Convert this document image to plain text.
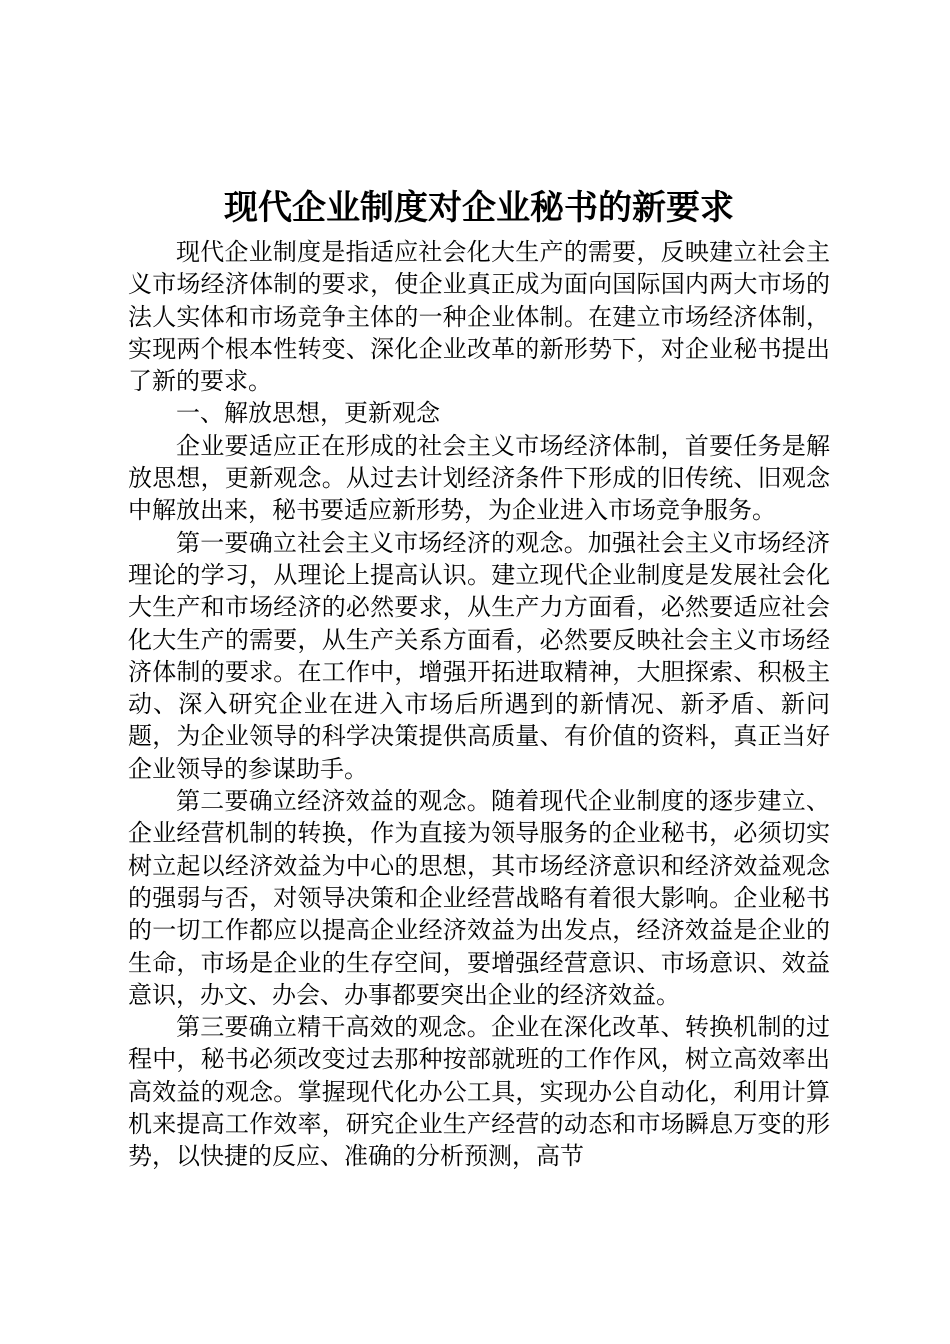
现代企业制度对企业秘书的新要求

现代企业制度是指适应社会化大生产的需要，反映建立社会主义市场经济体制的要求，使企业真正成为面向国际国内两大市场的法人实体和市场竞争主体的一种企业体制。在建立市场经济体制，实现两个根本性转变、深化企业改革的新形势下，对企业秘书提出了新的要求。

一、解放思想，更新观念

企业要适应正在形成的社会主义市场经济体制，首要任务是解放思想，更新观念。从过去计划经济条件下形成的旧传统、旧观念中解放出来，秘书要适应新形势，为企业进入市场竞争服务。

第一要确立社会主义市场经济的观念。加强社会主义市场经济理论的学习，从理论上提高认识。建立现代企业制度是发展社会化大生产和市场经济的必然要求，从生产力方面看，必然要适应社会化大生产的需要，从生产关系方面看，必然要反映社会主义市场经济体制的要求。在工作中，增强开拓进取精神，大胆探索、积极主动、深入研究企业在进入市场后所遇到的新情况、新矛盾、新问题，为企业领导的科学决策提供高质量、有价值的资料，真正当好企业领导的参谋助手。

第二要确立经济效益的观念。随着现代企业制度的逐步建立、企业经营机制的转换，作为直接为领导服务的企业秘书，必须切实树立起以经济效益为中心的思想，其市场经济意识和经济效益观念的强弱与否，对领导决策和企业经营战略有着很大影响。企业秘书的一切工作都应以提高企业经济效益为出发点，经济效益是企业的生命，市场是企业的生存空间，要增强经营意识、市场意识、效益意识，办文、办会、办事都要突出企业的经济效益。

第三要确立精干高效的观念。企业在深化改革、转换机制的过程中，秘书必须改变过去那种按部就班的工作作风，树立高效率出高效益的观念。掌握现代化办公工具，实现办公自动化，利用计算机来提高工作效率，研究企业生产经营的动态和市场瞬息万变的形势，以快捷的反应、准确的分析预测，高节
